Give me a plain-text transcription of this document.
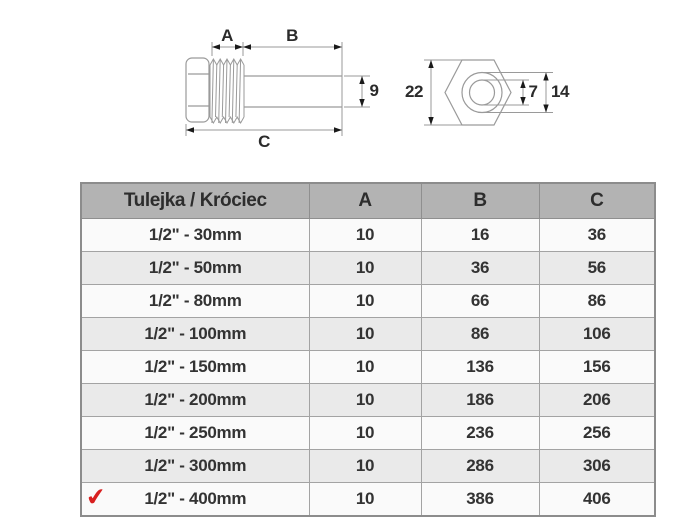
A	B
C
9 22	7 14
Tulejka / Króciec	A	B	C
1/2" - 30mm	10	16	36
1/2" - 50mm	10	36	56
1/2" - 80mm	10	66	86
1/2" - 100mm	10	86	106
1/2" - 150mm	10	136	156
1/2" - 200mm	10	186	206
1/2" - 250mm	10	236	256
1/2" - 300mm	10	286	306

✔ 1/2" - 400mm	10	386	406
